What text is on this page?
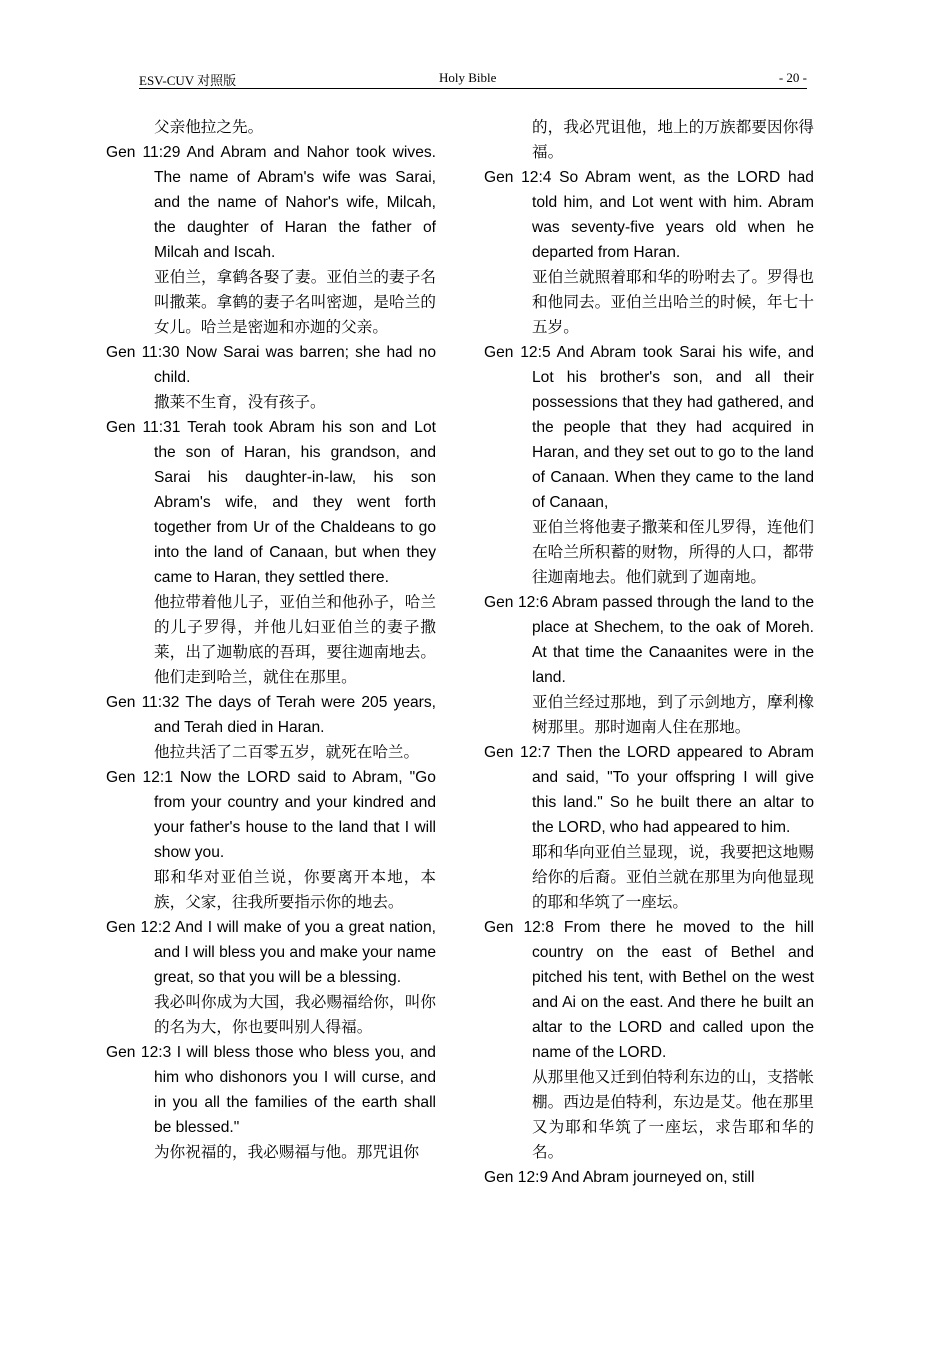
ESV-CUV 对照版	Holy Bible	- 20 -

父亲他拉之先。

Gen 11:29 And Abram and Nahor took wives. The name of Abram's wife was Sarai, and the name of Nahor's wife, Milcah, the daughter of Haran the father of Milcah and Iscah.

亚伯兰，拿鹤各娶了妻。亚伯兰的妻子名叫撒莱。拿鹤的妻子名叫密迦，是哈兰的女儿。哈兰是密迦和亦迦的父亲。

Gen 11:30 Now Sarai was barren; she had no child.

撒莱不生育，没有孩子。

Gen 11:31 Terah took Abram his son and Lot the son of Haran, his grandson, and Sarai his daughter-in-law, his son Abram's wife, and they went forth together from Ur of the Chaldeans to go into the land of Canaan, but when they came to Haran, they settled there.

他拉带着他儿子，亚伯兰和他孙子，哈兰的儿子罗得，并他儿妇亚伯兰的妻子撒莱，出了迦勒底的吾珥，要往迦南地去。他们走到哈兰，就住在那里。

Gen 11:32 The days of Terah were 205 years, and Terah died in Haran.

他拉共活了二百零五岁，就死在哈兰。

Gen 12:1 Now the LORD said to Abram, "Go from your country and your kindred and your father's house to the land that I will show you.

耶和华对亚伯兰说，你要离开本地，本族，父家，往我所要指示你的地去。

Gen 12:2 And I will make of you a great nation, and I will bless you and make your name great, so that you will be a blessing.

我必叫你成为大国，我必赐福给你，叫你的名为大，你也要叫别人得福。

Gen 12:3 I will bless those who bless you, and him who dishonors you I will curse, and in you all the families of the earth shall be blessed."

为你祝福的，我必赐福与他。那咒诅你

的，我必咒诅他，地上的万族都要因你得福。

Gen 12:4 So Abram went, as the LORD had told him, and Lot went with him. Abram was seventy-five years old when he departed from Haran.

亚伯兰就照着耶和华的吩咐去了。罗得也和他同去。亚伯兰出哈兰的时候，年七十五岁。

Gen 12:5 And Abram took Sarai his wife, and Lot his brother's son, and all their possessions that they had gathered, and the people that they had acquired in Haran, and they set out to go to the land of Canaan. When they came to the land of Canaan,

亚伯兰将他妻子撒莱和侄儿罗得，连他们在哈兰所积蓄的财物，所得的人口，都带往迦南地去。他们就到了迦南地。

Gen 12:6 Abram passed through the land to the place at Shechem, to the oak of Moreh. At that time the Canaanites were in the land.

亚伯兰经过那地，到了示剑地方，摩利橡树那里。那时迦南人住在那地。

Gen 12:7 Then the LORD appeared to Abram and said, "To your offspring I will give this land." So he built there an altar to the LORD, who had appeared to him.

耶和华向亚伯兰显现，说，我要把这地赐给你的后裔。亚伯兰就在那里为向他显现的耶和华筑了一座坛。

Gen 12:8 From there he moved to the hill country on the east of Bethel and pitched his tent, with Bethel on the west and Ai on the east. And there he built an altar to the LORD and called upon the name of the LORD.

从那里他又迁到伯特利东边的山，支搭帐棚。西边是伯特利，东边是艾。他在那里又为耶和华筑了一座坛，求告耶和华的名。

Gen 12:9 And Abram journeyed on, still
